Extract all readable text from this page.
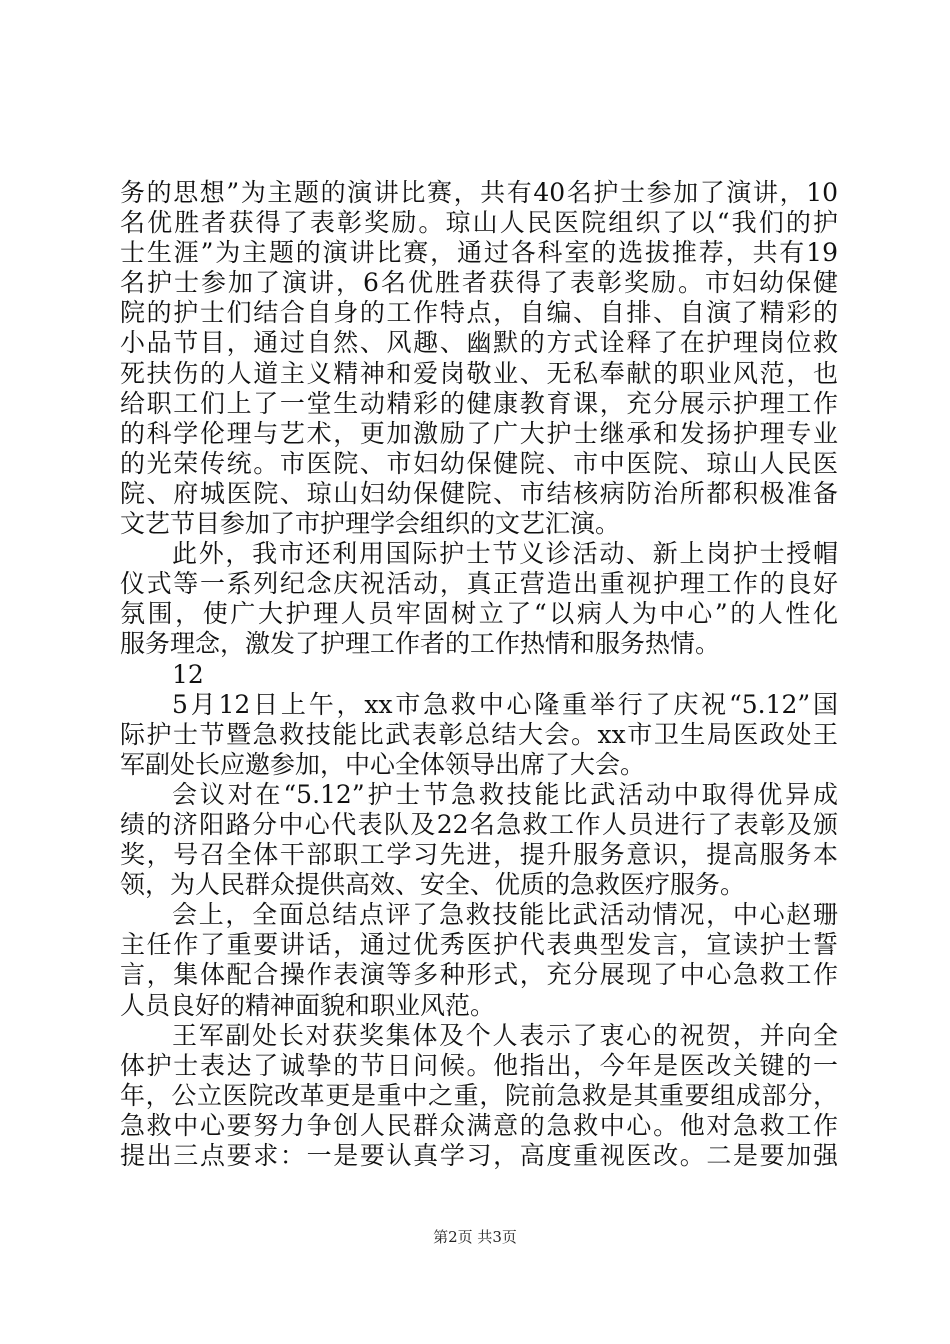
务的思想”为主题的演讲比赛，共有40名护士参加了演讲，10
名优胜者获得了表彰奖励。琼山人民医院组织了以“我们的护
士生涯”为主题的演讲比赛，通过各科室的选拔推荐，共有19
名护士参加了演讲，6名优胜者获得了表彰奖励。市妇幼保健
院的护士们结合自身的工作特点，自编、自排、自演了精彩的
小品节目，通过自然、风趣、幽默的方式诠释了在护理岗位救
死扶伤的人道主义精神和爱岗敬业、无私奉献的职业风范，也
给职工们上了一堂生动精彩的健康教育课，充分展示护理工作
的科学伦理与艺术，更加激励了广大护士继承和发扬护理专业
的光荣传统。市医院、市妇幼保健院、市中医院、琼山人民医
院、府城医院、琼山妇幼保健院、市结核病防治所都积极准备
文艺节目参加了市护理学会组织的文艺汇演。
此外，我市还利用国际护士节义诊活动、新上岗护士授帽
仪式等一系列纪念庆祝活动，真正营造出重视护理工作的良好
氛围，使广大护理人员牢固树立了“以病人为中心”的人性化
服务理念，激发了护理工作者的工作热情和服务热情。
12
5月12日上午，xx市急救中心隆重举行了庆祝“5.12”国
际护士节暨急救技能比武表彰总结大会。xx市卫生局医政处王
军副处长应邀参加，中心全体领导出席了大会。
会议对在“5.12”护士节急救技能比武活动中取得优异成
绩的济阳路分中心代表队及22名急救工作人员进行了表彰及颁
奖，号召全体干部职工学习先进，提升服务意识，提高服务本
领，为人民群众提供高效、安全、优质的急救医疗服务。
会上，全面总结点评了急救技能比武活动情况，中心赵珊
主任作了重要讲话，通过优秀医护代表典型发言，宣读护士誓
言，集体配合操作表演等多种形式，充分展现了中心急救工作
人员良好的精神面貌和职业风范。
王军副处长对获奖集体及个人表示了衷心的祝贺，并向全
体护士表达了诚挚的节日问候。他指出，今年是医改关键的一
年，公立医院改革更是重中之重，院前急救是其重要组成部分，
急救中心要努力争创人民群众满意的急救中心。他对急救工作
提出三点要求：一是要认真学习，高度重视医改。二是要加强
第2页 共3页
